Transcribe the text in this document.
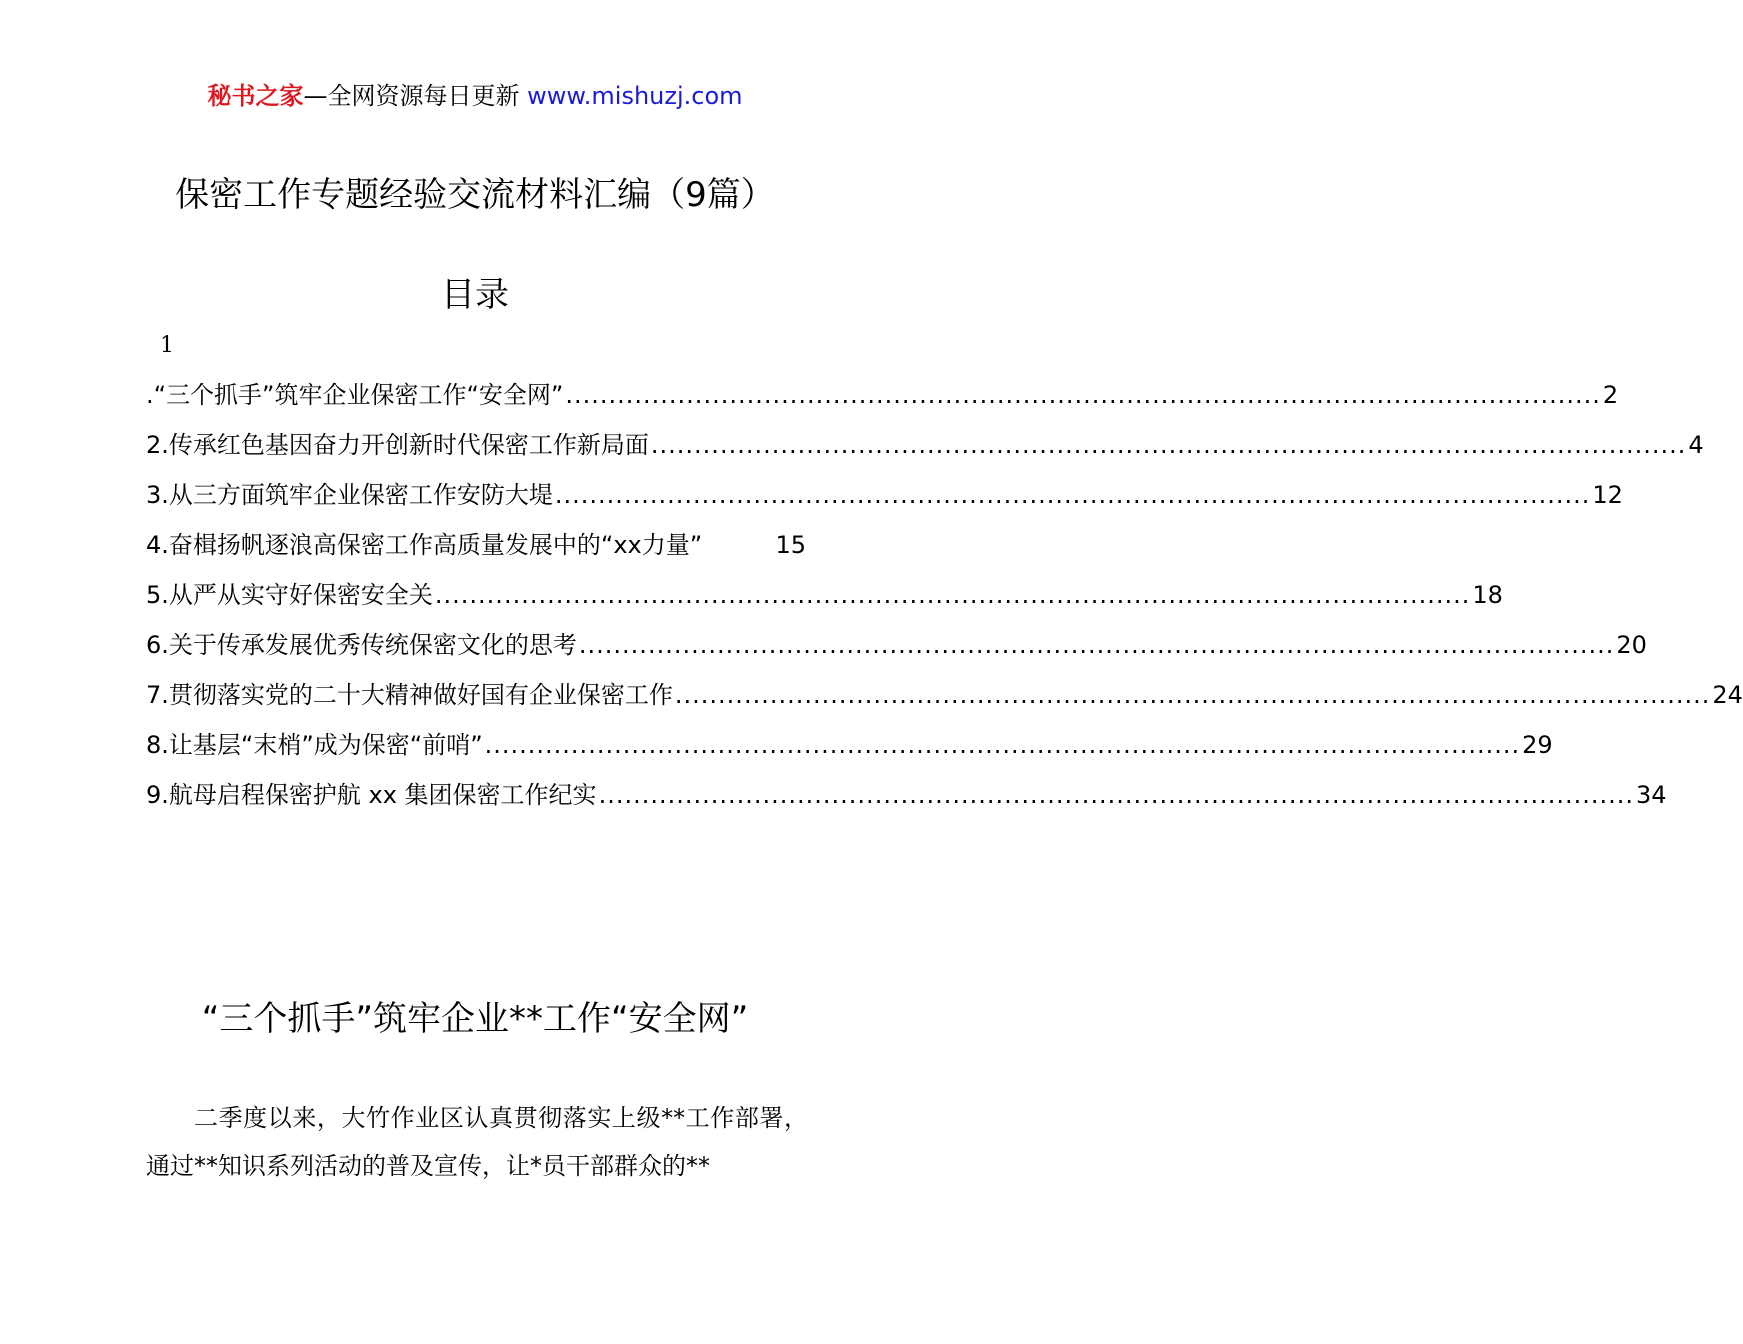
秘书之家—全网资源每日更新 www.mishuzj.com
保密工作专题经验交流材料汇编（9篇）
目录
1
.“三个抓手”筑牢企业保密工作“安全网” .....	2
2.传承红色基因奋力开创新时代保密工作新局面 .....	4
3.从三方面筑牢企业保密工作安防大堤 .....	12
4.奋楫扬帆逐浪高保密工作高质量发展中的“xx力量”	15
5.从严从实守好保密安全关 .....	18
6.关于传承发展优秀传统保密文化的思考 .....	20
7.贯彻落实党的二十大精神做好国有企业保密工作 .....	24
8.让基层“末梢”成为保密“前哨” .....	29
9.航母启程保密护航 xx 集团保密工作纪实 .....	34
“三个抓手”筑牢企业**工作“安全网”

二季度以来，大竹作业区认真贯彻落实上级**工作部署，通过**知识系列活动的普及宣传，让*员干部群众的**
